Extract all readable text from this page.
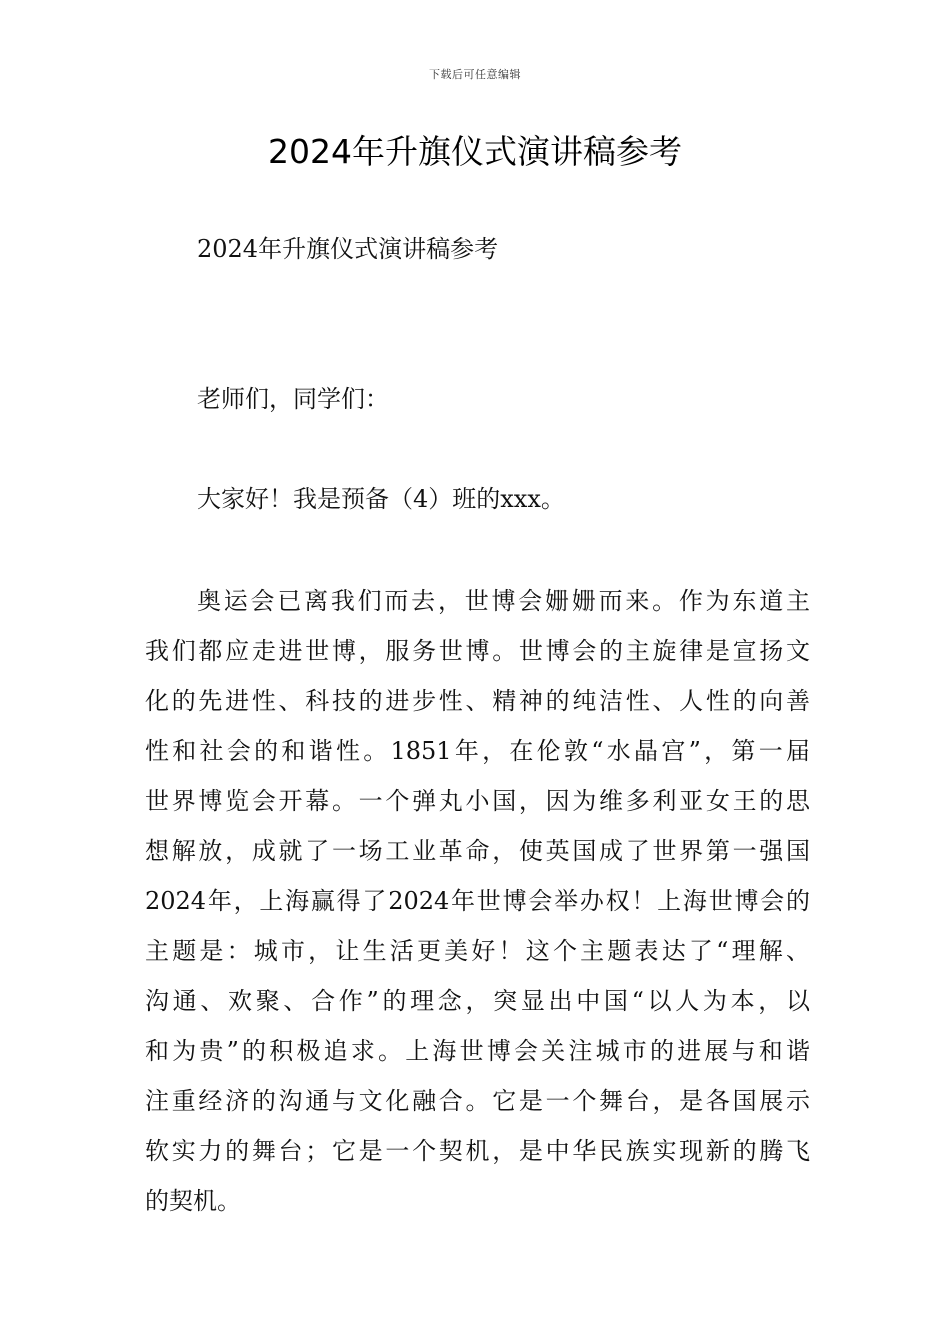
下载后可任意编辑
2024年升旗仪式演讲稿参考

2024年升旗仪式演讲稿参考

老师们，同学们：

大家好！我是预备（4）班的xxx。

奥运会已离我们而去，世博会姗姗而来。作为东道主
我们都应走进世博，服务世博。世博会的主旋律是宣扬文
化的先进性、科技的进步性、精神的纯洁性、人性的向善
性和社会的和谐性。1851年，在伦敦“水晶宫”，第一届
世界博览会开幕。一个弹丸小国，因为维多利亚女王的思
想解放，成就了一场工业革命，使英国成了世界第一强国
2024年，上海赢得了2024年世博会举办权！上海世博会的
主题是：城市，让生活更美好！这个主题表达了“理解、
沟通、欢聚、合作”的理念，突显出中国“以人为本，以
和为贵”的积极追求。上海世博会关注城市的进展与和谐
注重经济的沟通与文化融合。它是一个舞台，是各国展示
软实力的舞台；它是一个契机，是中华民族实现新的腾飞
的契机。
